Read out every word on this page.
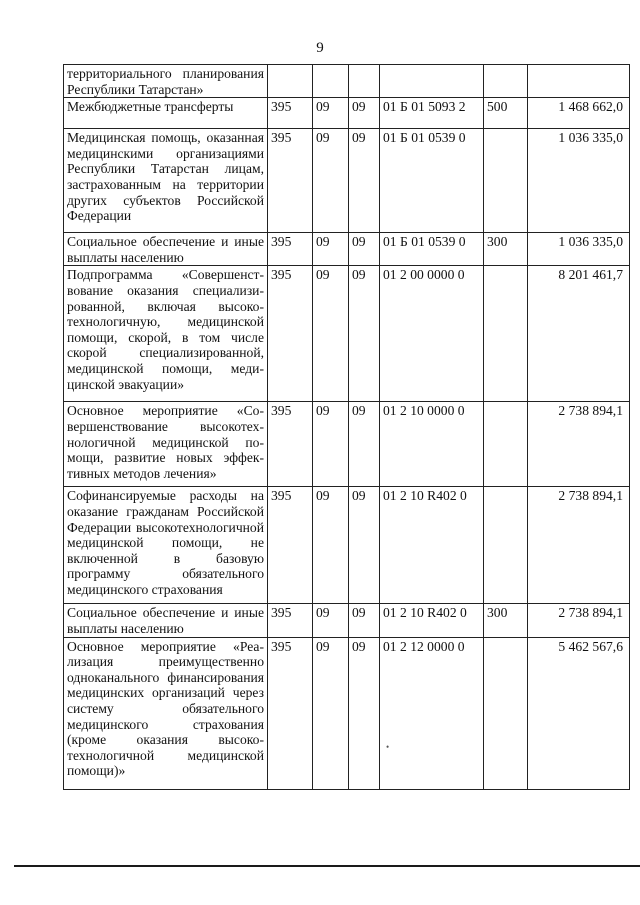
9
территориального планирования Республики Татарстан»						
Межбюджетные трансферты	395	09	09	01 Б 01 5093 2	500	1 468 662,0
Медицинская помощь, оказанная медицинскими организациями Республики Татарстан лицам, застрахованным на территории других субъектов Российской Федерации	395	09	09	01 Б 01 0539 0		1 036 335,0
Социальное обеспечение и иные выплаты населению	395	09	09	01 Б 01 0539 0	300	1 036 335,0
Подпрограмма «Совершенствование оказания специализированной, включая высокотехнологичную, медицинской помощи, скорой, в том числе скорой специализированной, медицинской помощи, медицинской эвакуации»	395	09	09	01 2 00 0000 0		8 201 461,7
Основное мероприятие «Совершенствование высокотехнологичной медицинской помощи, развитие новых эффективных методов лечения»	395	09	09	01 2 10 0000 0		2 738 894,1
Софинансируемые расходы на оказание гражданам Российской Федерации высокотехнологичной медицинской помощи, не включенной в базовую программу обязательного медицинского страхования	395	09	09	01 2 10 R402 0		2 738 894,1
Социальное обеспечение и иные выплаты населению	395	09	09	01 2 10 R402 0	300	2 738 894,1
Основное мероприятие «Реализация преимущественно одноканального финансирования медицинских организаций через систему обязательного медицинского страхования (кроме оказания высокотехнологичной медицинской помощи)»	395	09	09	01 2 12 0000 0		5 462 567,6
•
